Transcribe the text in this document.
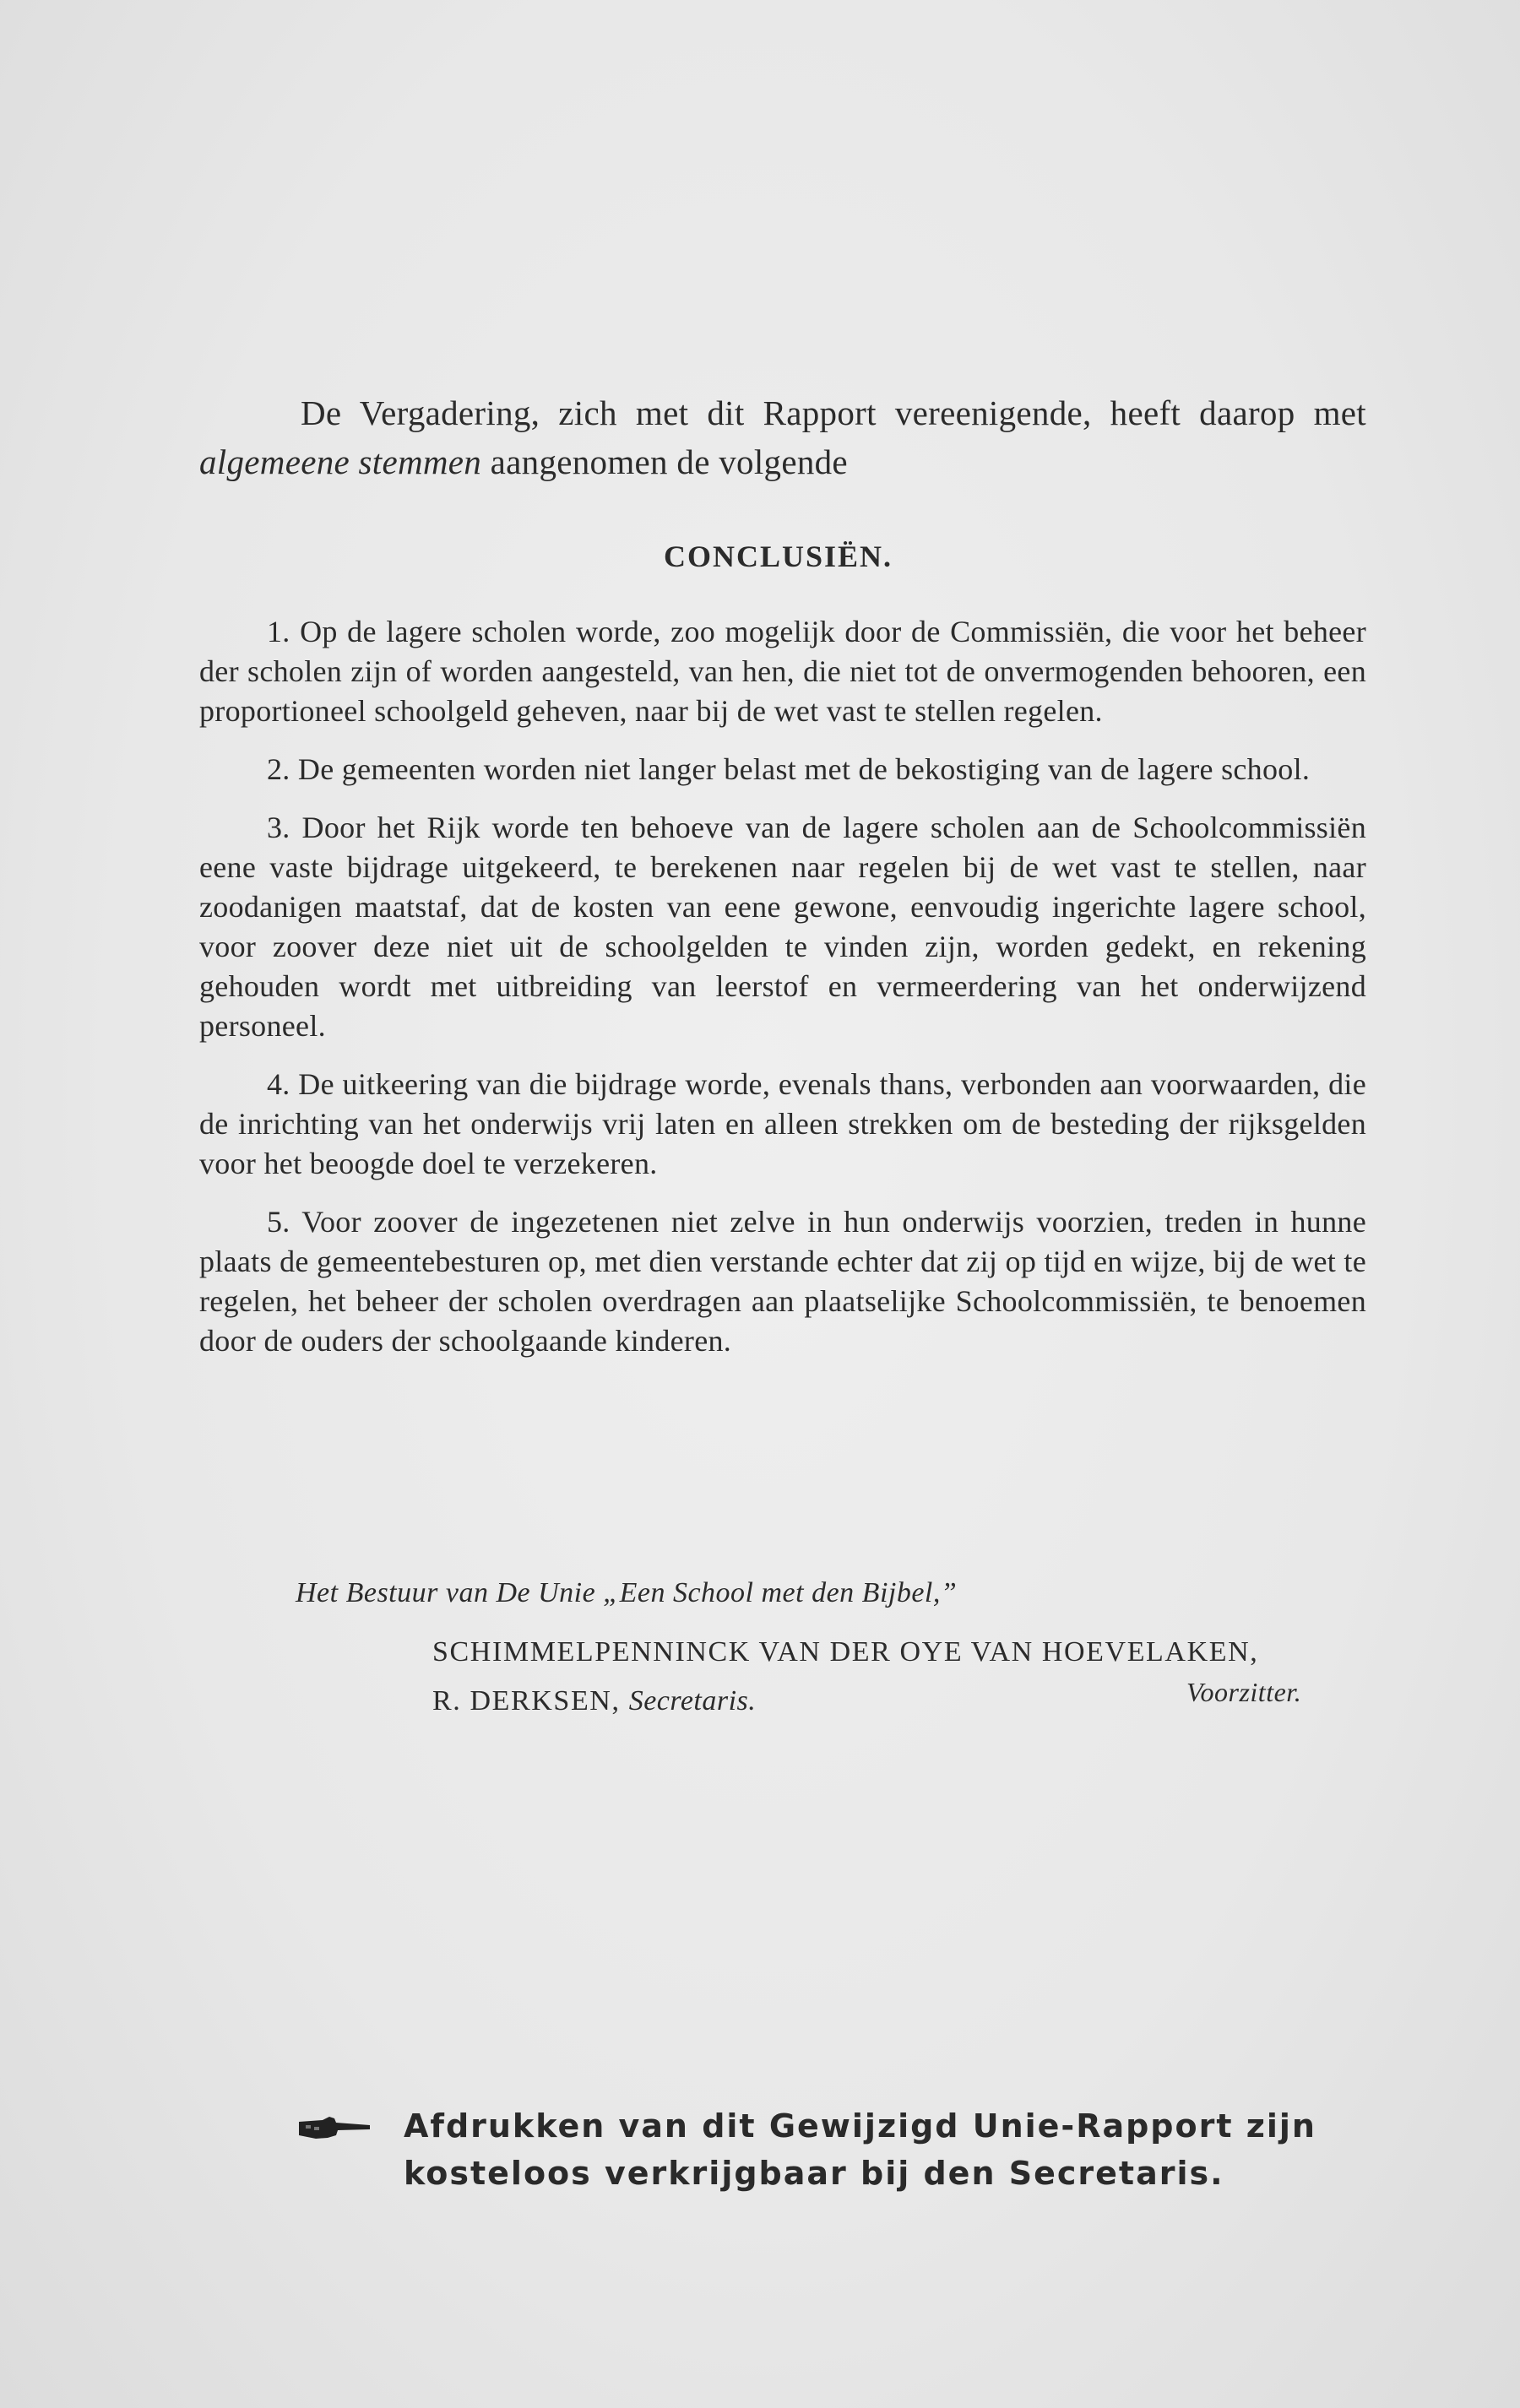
De Vergadering, zich met dit Rapport vereenigende, heeft daarop met algemeene stemmen aangenomen de volgende
CONCLUSIËN.

1. Op de lagere scholen worde, zoo mogelijk door de Commissiën, die voor het beheer der scholen zijn of worden aangesteld, van hen, die niet tot de onvermogenden behooren, een proportioneel schoolgeld geheven, naar bij de wet vast te stellen regelen.

2. De gemeenten worden niet langer belast met de bekostiging van de lagere school.

3. Door het Rijk worde ten behoeve van de lagere scholen aan de Schoolcommissiën eene vaste bijdrage uitgekeerd, te berekenen naar regelen bij de wet vast te stellen, naar zoodanigen maatstaf, dat de kosten van eene gewone, eenvoudig ingerichte lagere school, voor zoover deze niet uit de schoolgelden te vinden zijn, worden gedekt, en rekening gehouden wordt met uitbreiding van leerstof en vermeerdering van het onderwijzend personeel.

4. De uitkeering van die bijdrage worde, evenals thans, verbonden aan voorwaarden, die de inrichting van het onderwijs vrij laten en alleen strekken om de besteding der rijksgelden voor het beoogde doel te verzekeren.

5. Voor zoover de ingezetenen niet zelve in hun onderwijs voorzien, treden in hunne plaats de gemeentebesturen op, met dien verstande echter dat zij op tijd en wijze, bij de wet te regelen, het beheer der scholen overdragen aan plaatselijke Schoolcommissiën, te benoemen door de ouders der schoolgaande kinderen.

Het Bestuur van De Unie „Een School met den Bijbel,”
SCHIMMELPENNINCK VAN DER OYE VAN HOEVELAKEN,
Voorzitter.
R. DERKSEN, Secretaris.
Afdrukken van dit Gewijzigd Unie-Rapport zijn kosteloos verkrijgbaar bij den Secretaris.
